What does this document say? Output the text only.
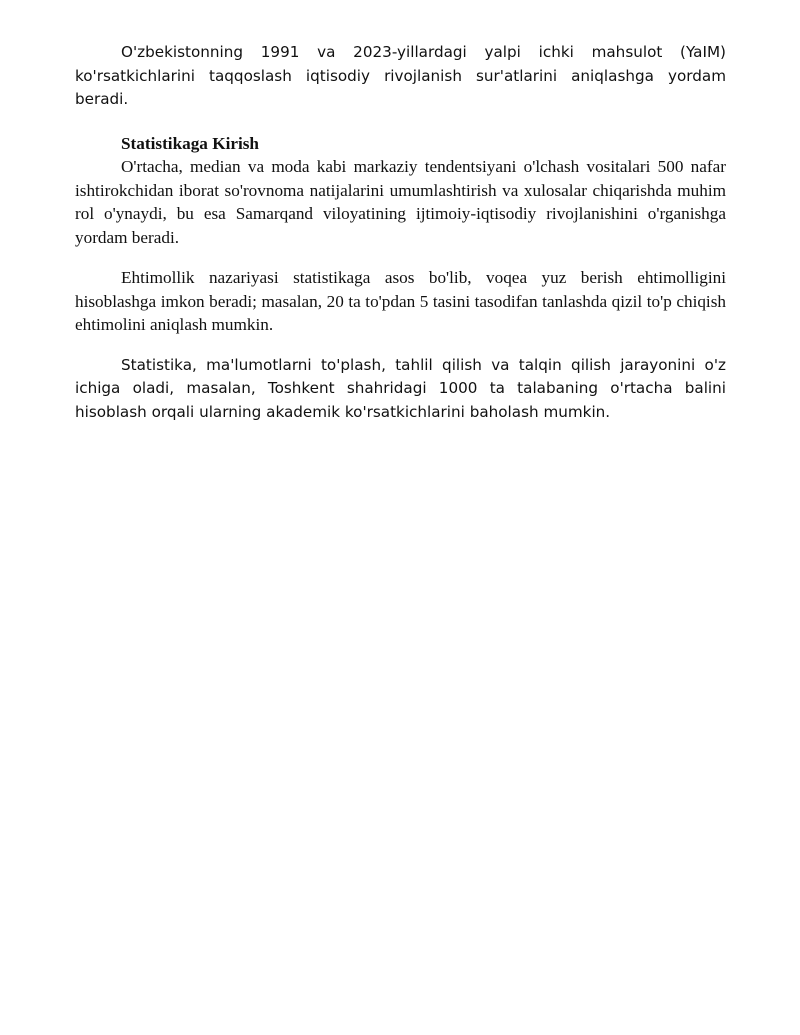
O'zbekistonning 1991 va 2023-yillardagi yalpi ichki mahsulot (YaIM) ko'rsatkichlarini taqqoslash iqtisodiy rivojlanish sur'atlarini aniqlashga yordam beradi.

Statistikaga Kirish

O'rtacha, median va moda kabi markaziy tendentsiyani o'lchash vositalari 500 nafar ishtirokchidan iborat so'rovnoma natijalarini umumlashtirish va xulosalar chiqarishda muhim rol o'ynaydi, bu esa Samarqand viloyatining ijtimoiy-iqtisodiy rivojlanishini o'rganishga yordam beradi.

Ehtimollik nazariyasi statistikaga asos bo'lib, voqea yuz berish ehtimolligini hisoblashga imkon beradi; masalan, 20 ta to'pdan 5 tasini tasodifan tanlashda qizil to'p chiqish ehtimolini aniqlash mumkin.

Statistika, ma'lumotlarni to'plash, tahlil qilish va talqin qilish jarayonini o'z ichiga oladi, masalan, Toshkent shahridagi 1000 ta talabaning o'rtacha balini hisoblash orqali ularning akademik ko'rsatkichlarini baholash mumkin.
